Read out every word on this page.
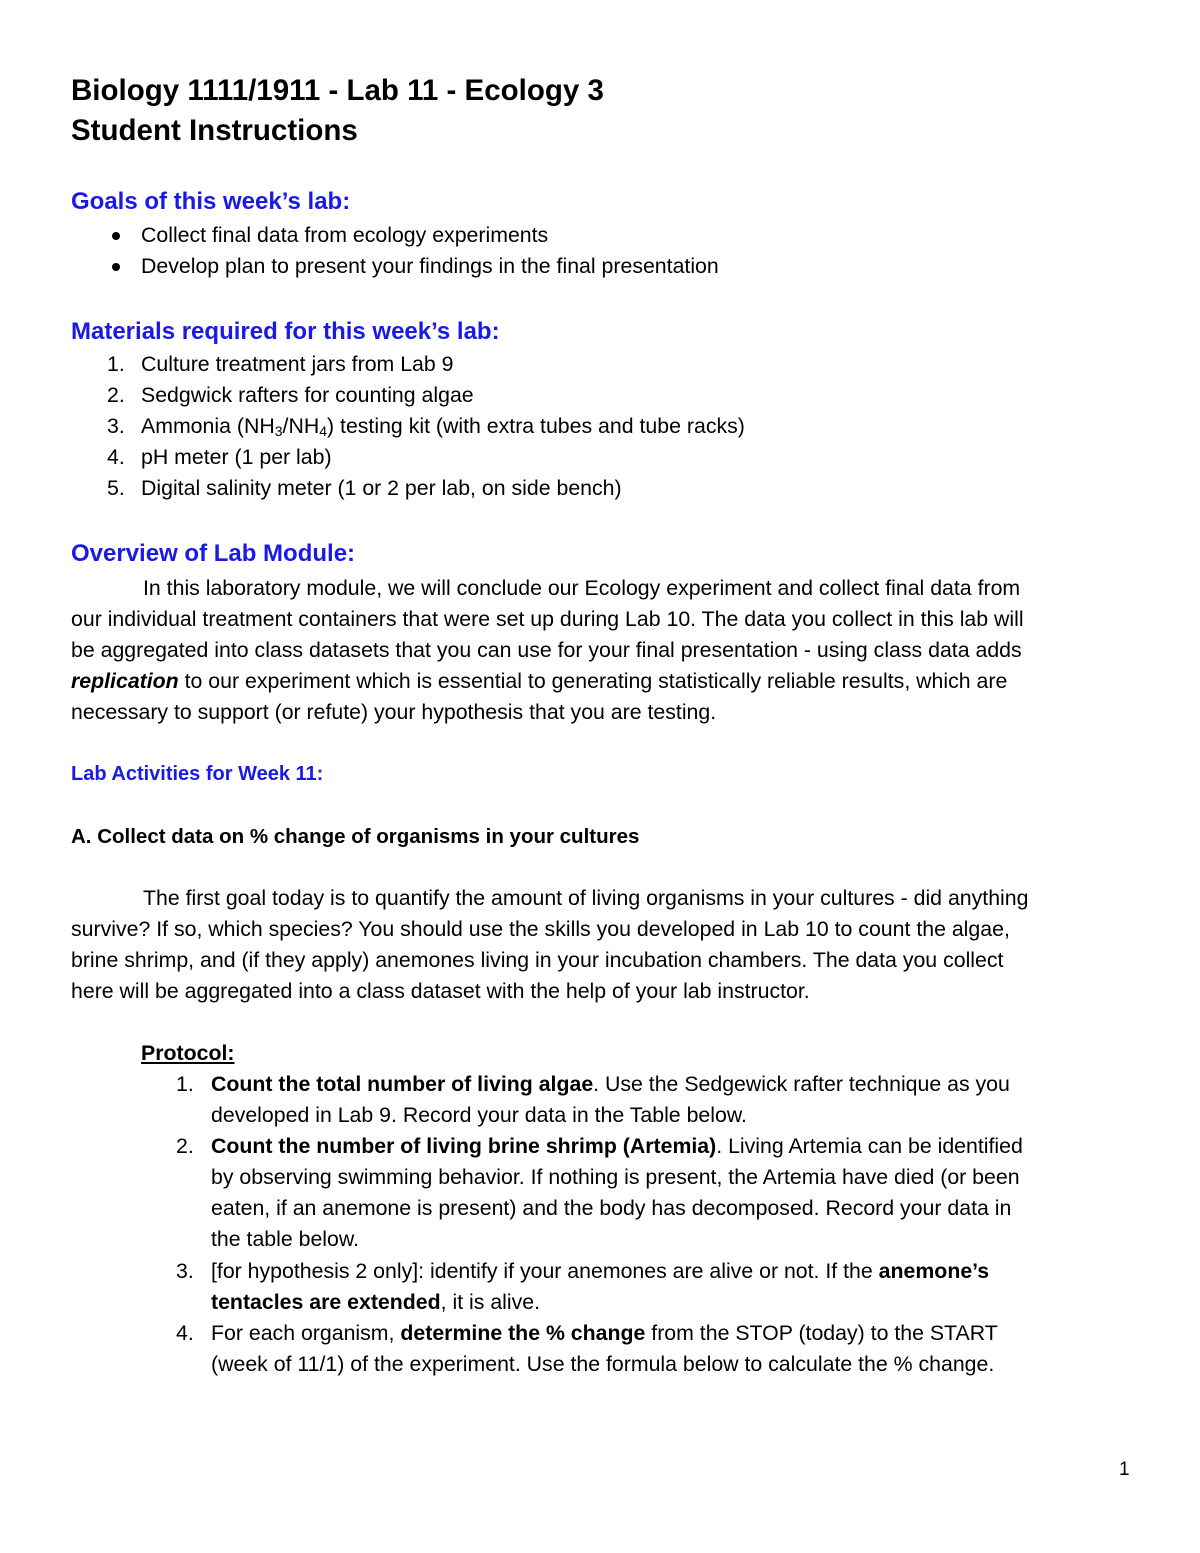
Biology 1111/1911 - Lab 11 - Ecology 3
Student Instructions
Goals of this week’s lab:
Collect final data from ecology experiments
Develop plan to present your findings in the final presentation
Materials required for this week’s lab:
1. Culture treatment jars from Lab 9
2. Sedgwick rafters for counting algae
3. Ammonia $(NH_3/NH_4)$ testing kit (with extra tubes and tube racks)
4. pH meter (1 per lab)
5. Digital salinity meter (1 or 2 per lab, on side bench)
Overview of Lab Module:
In this laboratory module, we will conclude our Ecology experiment and collect final data from
our individual treatment containers that were set up during Lab 10. The data you collect in this lab will
be aggregated into class datasets that you can use for your final presentation - using class data adds
replication to our experiment which is essential to generating statistically reliable results, which are
necessary to support (or refute) your hypothesis that you are testing.
Lab Activities for Week 11:
A. Collect data on % change of organisms in your cultures
The first goal today is to quantify the amount of living organisms in your cultures - did anything
survive? If so, which species? You should use the skills you developed in Lab 10 to count the algae,
brine shrimp, and (if they apply) anemones living in your incubation chambers. The data you collect
here will be aggregated into a class dataset with the help of your lab instructor.
Protocol:
1. Count the total number of living algae. Use the Sedgewick rafter technique as you
developed in Lab 9. Record your data in the Table below.
2. Count the number of living brine shrimp (Artemia). Living Artemia can be identified
by observing swimming behavior. If nothing is present, the Artemia have died (or been
eaten, if an anemone is present) and the body has decomposed. Record your data in
the table below.
3. [for hypothesis 2 only]: identify if your anemones are alive or not. If the anemone’s
tentacles are extended, it is alive.
4. For each organism, determine the % change from the STOP (today) to the START
(week of 11/1) of the experiment. Use the formula below to calculate the % change.
1
